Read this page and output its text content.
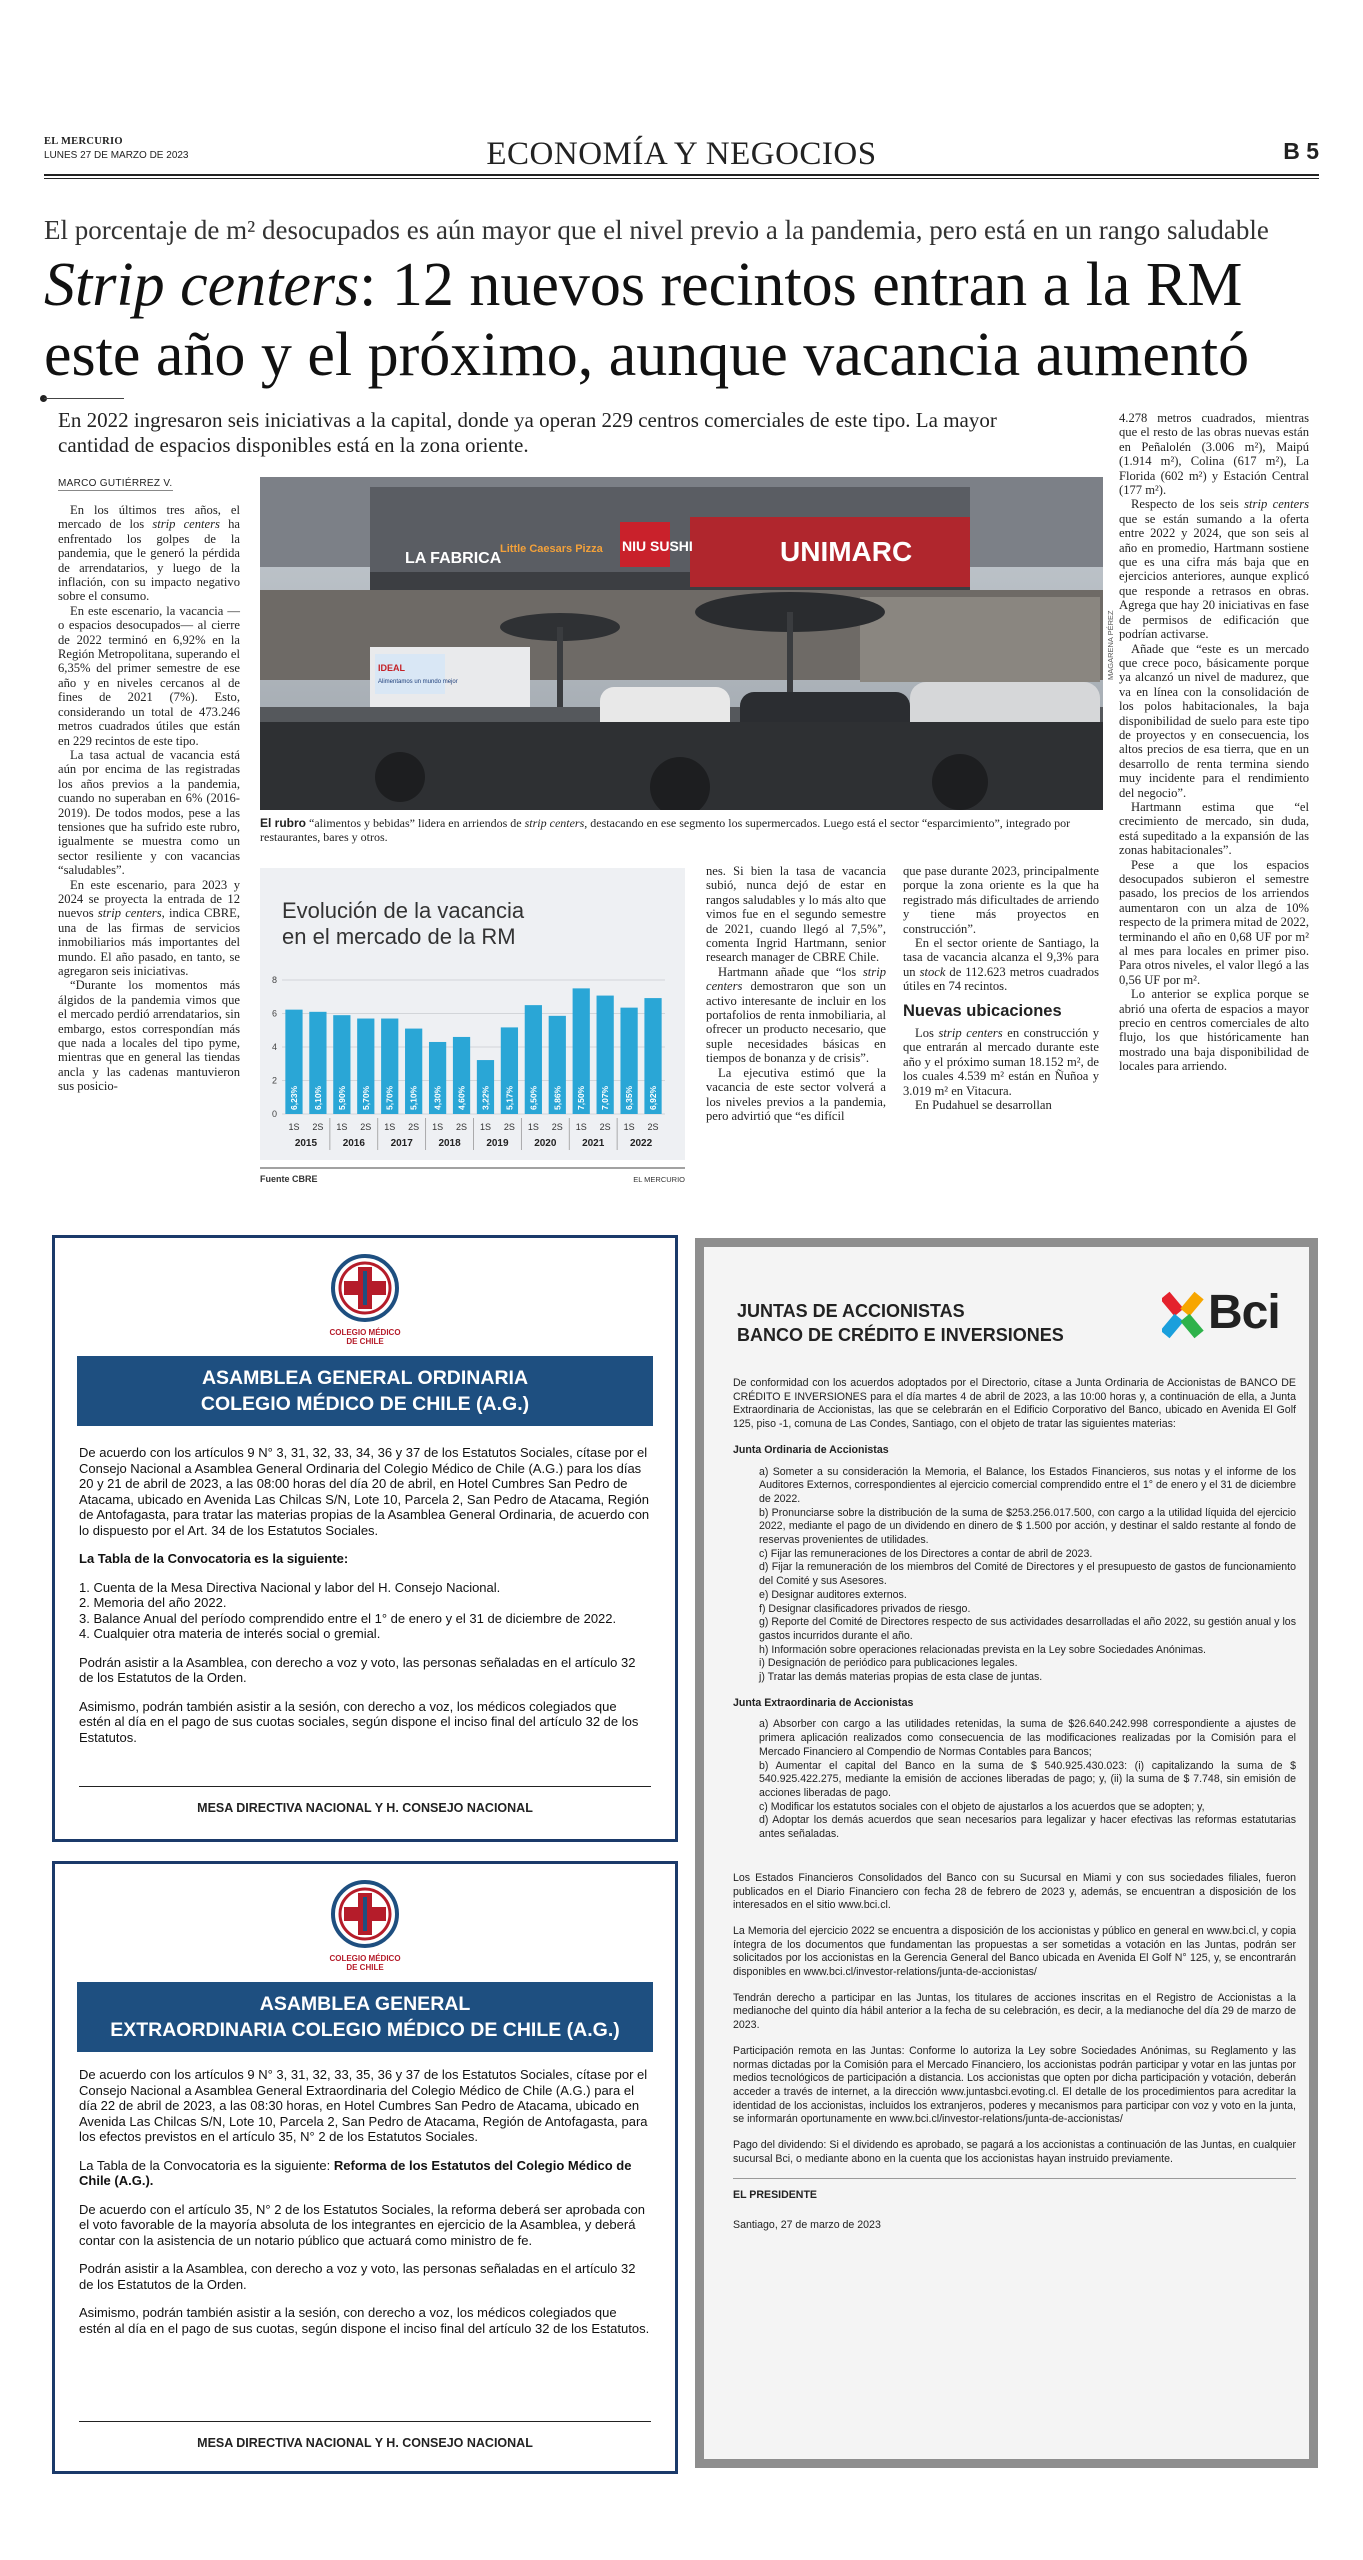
EL MERCURIO
LUNES 27 DE MARZO DE 2023	ECONOMÍA Y NEGOCIOS	B 5
El porcentaje de m² desocupados es aún mayor que el nivel previo a la pandemia, pero está en un rango saludable
Strip centers: 12 nuevos recintos entran a la RM este año y el próximo, aunque vacancia aumentó
En 2022 ingresaron seis iniciativas a la capital, donde ya operan 229 centros comerciales de este tipo. La mayor cantidad de espacios disponibles está en la zona oriente.
MARCO GUTIÉRREZ V.

En los últimos tres años, el mercado de los strip centers ha enfrentado los golpes de la pandemia, que le generó la pérdida de arrendatarios, y luego de la inflación, con su impacto negativo sobre el consumo.

En este escenario, la vacancia —o espacios desocupados— al cierre de 2022 terminó en 6,92% en la Región Metropolitana, superando el 6,35% del primer semestre de ese año y en niveles cercanos al de fines de 2021 (7%). Esto, considerando un total de 473.246 metros cuadrados útiles que están en 229 recintos de este tipo.

La tasa actual de vacancia está aún por encima de las registradas los años previos a la pandemia, cuando no superaban en 6% (2016-2019). De todos modos, pese a las tensiones que ha sufrido este rubro, igualmente se muestra como un sector resiliente y con vacancias “saludables”.

En este escenario, para 2023 y 2024 se proyecta la entrada de 12 nuevos strip centers, indica CBRE, una de las firmas de servicios inmobiliarios más importantes del mundo. El año pasado, en tanto, se agregaron seis iniciativas.

“Durante los momentos más álgidos de la pandemia vimos que el mercado perdió arrendatarios, sin embargo, estos correspondían más que nada a locales del tipo pyme, mientras que en general las tiendas ancla y las cadenas mantuvieron sus posicio-

LA FABRICA
Little Caesars Pizza NIU SUSHI	UNIMARC
IDEAL
Alimentamos un mundo mejor
MAGARENA PÉREZ
El rubro “alimentos y bebidas” lidera en arriendos de strip centers, destacando en ese segmento los supermercados. Luego está el sector “esparcimiento”, integrado por restaurantes, bares y otros.
Evolución de la vacancia
en el mercado de la RM
0
2
4
6
8
6,23%
1S
6,10%
2S
5,90%
1S
5,70%
2S
5,70%
1S
5,10%
2S
4,30%
1S
4,60%
2S
3,22%
1S
5,17%
2S
6,50%
1S
5,86%
2S
7,50%
1S
7,07%
2S
6,35%
1S
6,92%
2S
2015	2016	2017	2018	2019	2020	2021	2022
Fuente CBRE	EL MERCURIO

nes. Si bien la tasa de vacancia subió, nunca dejó de estar en rangos saludables y lo más alto que vimos fue en el segundo semestre de 2021, cuando llegó al 7,5%”, comenta Ingrid Hartmann, senior research manager de CBRE Chile.

Hartmann añade que “los strip centers demostraron que son un activo interesante de incluir en los portafolios de renta inmobiliaria, al ofrecer un producto necesario, que suple necesidades básicas en tiempos de bonanza y de crisis”.

La ejecutiva estimó que la vacancia de este sector volverá a los niveles previos a la pandemia, pero advirtió que “es difícil

que pase durante 2023, principalmente porque la zona oriente es la que ha registrado más dificultades de arriendo y tiene más proyectos en construcción”.

En el sector oriente de Santiago, la tasa de vacancia alcanza el 9,3% para un stock de 112.623 metros cuadrados útiles en 74 recintos.

Nuevas ubicaciones

Los strip centers en construcción y que entrarán al mercado durante este año y el próximo suman 18.152 m², de los cuales 4.539 m² están en Ñuñoa y 3.019 m² en Vitacura.

En Pudahuel se desarrollan

4.278 metros cuadrados, mientras que el resto de las obras nuevas están en Peñalolén (3.006 m²), Maipú (1.914 m²), Colina (617 m²), La Florida (602 m²) y Estación Central (177 m²).

Respecto de los seis strip centers que se están sumando a la oferta entre 2022 y 2024, que son seis al año en promedio, Hartmann sostiene que es una cifra más baja que en ejercicios anteriores, aunque explicó que responde a retrasos en obras. Agrega que hay 20 iniciativas en fase de permisos de edificación que podrían activarse.

Añade que “este es un mercado que crece poco, básicamente porque ya alcanzó un nivel de madurez, que va en línea con la consolidación de los polos habitacionales, la baja disponibilidad de suelo para este tipo de proyectos y en consecuencia, los altos precios de esa tierra, que en un desarrollo de renta termina siendo muy incidente para el rendimiento del negocio”.

Hartmann estima que “el crecimiento de mercado, sin duda, está supeditado a la expansión de las zonas habitacionales”.

Pese a que los espacios desocupados subieron el semestre pasado, los precios de los arriendos aumentaron con un alza de 10% respecto de la primera mitad de 2022, terminando el año en 0,68 UF por m² al mes para locales en primer piso. Para otros niveles, el valor llegó a las 0,56 UF por m².

Lo anterior se explica porque se abrió una oferta de espacios a mayor precio en centros comerciales de alto flujo, los que históricamente han mostrado una baja disponibilidad de locales para arriendo.

COLEGIO MÉDICO DE CHILE
ASAMBLEA GENERAL ORDINARIA
COLEGIO MÉDICO DE CHILE (A.G.)

De acuerdo con los artículos 9 N° 3, 31, 32, 33, 34, 36 y 37 de los Estatutos Sociales, cítase por el Consejo Nacional a Asamblea General Ordinaria del Colegio Médico de Chile (A.G.) para los días 20 y 21 de abril de 2023, a las 08:00 horas del día 20 de abril, en Hotel Cumbres San Pedro de Atacama, ubicado en Avenida Las Chilcas S/N, Lote 10, Parcela 2, San Pedro de Atacama, Región de Antofagasta, para tratar las materias propias de la Asamblea General Ordinaria, de acuerdo con lo dispuesto por el Art. 34 de los Estatutos Sociales.

La Tabla de la Convocatoria es la siguiente:

1. Cuenta de la Mesa Directiva Nacional y labor del H. Consejo Nacional.
2. Memoria del año 2022.
3. Balance Anual del período comprendido entre el 1° de enero y el 31 de diciembre de 2022.
4. Cualquier otra materia de interés social o gremial.

Podrán asistir a la Asamblea, con derecho a voz y voto, las personas señaladas en el artículo 32 de los Estatutos de la Orden.

Asimismo, podrán también asistir a la sesión, con derecho a voz, los médicos colegiados que estén al día en el pago de sus cuotas sociales, según dispone el inciso final del artículo 32 de los Estatutos.

MESA DIRECTIVA NACIONAL Y H. CONSEJO NACIONAL
COLEGIO MÉDICO DE CHILE
ASAMBLEA GENERAL
EXTRAORDINARIA COLEGIO MÉDICO DE CHILE (A.G.)

De acuerdo con los artículos 9 N° 3, 31, 32, 33, 35, 36 y 37 de los Estatutos Sociales, cítase por el Consejo Nacional a Asamblea General Extraordinaria del Colegio Médico de Chile (A.G.) para el día 22 de abril de 2023, a las 08:30 horas, en Hotel Cumbres San Pedro de Atacama, ubicado en Avenida Las Chilcas S/N, Lote 10, Parcela 2, San Pedro de Atacama, Región de Antofagasta, para los efectos previstos en el artículo 35, N° 2 de los Estatutos Sociales.

La Tabla de la Convocatoria es la siguiente: Reforma de los Estatutos del Colegio Médico de Chile (A.G.).

De acuerdo con el artículo 35, N° 2 de los Estatutos Sociales, la reforma deberá ser aprobada con el voto favorable de la mayoría absoluta de los integrantes en ejercicio de la Asamblea, y deberá contar con la asistencia de un notario público que actuará como ministro de fe.

Podrán asistir a la Asamblea, con derecho a voz y voto, las personas señaladas en el artículo 32 de los Estatutos de la Orden.

Asimismo, podrán también asistir a la sesión, con derecho a voz, los médicos colegiados que estén al día en el pago de sus cuotas, según dispone el inciso final del artículo 32 de los Estatutos.

MESA DIRECTIVA NACIONAL Y H. CONSEJO NACIONAL
JUNTAS DE ACCIONISTAS
BANCO DE CRÉDITO E INVERSIONES	Bci

De conformidad con los acuerdos adoptados por el Directorio, cítase a Junta Ordinaria de Accionistas de BANCO DE CRÉDITO E INVERSIONES para el día martes 4 de abril de 2023, a las 10:00 horas y, a continuación de ella, a Junta Extraordinaria de Accionistas, las que se celebrarán en el Edificio Corporativo del Banco, ubicado en Avenida El Golf 125, piso -1, comuna de Las Condes, Santiago, con el objeto de tratar las siguientes materias:

Junta Ordinaria de Accionistas

a) Someter a su consideración la Memoria, el Balance, los Estados Financieros, sus notas y el informe de los Auditores Externos, correspondientes al ejercicio comercial comprendido entre el 1° de enero y el 31 de diciembre de 2022.
b) Pronunciarse sobre la distribución de la suma de $253.256.017.500, con cargo a la utilidad líquida del ejercicio 2022, mediante el pago de un dividendo en dinero de $ 1.500 por acción, y destinar el saldo restante al fondo de reservas provenientes de utilidades.
c) Fijar las remuneraciones de los Directores a contar de abril de 2023.
d) Fijar la remuneración de los miembros del Comité de Directores y el presupuesto de gastos de funcionamiento del Comité y sus Asesores.
e) Designar auditores externos.
f) Designar clasificadores privados de riesgo.
g) Reporte del Comité de Directores respecto de sus actividades desarrolladas el año 2022, su gestión anual y los gastos incurridos durante el año.
h) Información sobre operaciones relacionadas prevista en la Ley sobre Sociedades Anónimas.
i) Designación de periódico para publicaciones legales.
j) Tratar las demás materias propias de esta clase de juntas.

Junta Extraordinaria de Accionistas

a) Absorber con cargo a las utilidades retenidas, la suma de $26.640.242.998 correspondiente a ajustes de primera aplicación realizados como consecuencia de las modificaciones realizadas por la Comisión para el Mercado Financiero al Compendio de Normas Contables para Bancos;
b) Aumentar el capital del Banco en la suma de $ 540.925.430.023: (i) capitalizando la suma de $ 540.925.422.275, mediante la emisión de acciones liberadas de pago; y, (ii) la suma de $ 7.748, sin emisión de acciones liberadas de pago.
c) Modificar los estatutos sociales con el objeto de ajustarlos a los acuerdos que se adopten; y,
d) Adoptar los demás acuerdos que sean necesarios para legalizar y hacer efectivas las reformas estatutarias antes señaladas.

Los Estados Financieros Consolidados del Banco con su Sucursal en Miami y con sus sociedades filiales, fueron publicados en el Diario Financiero con fecha 28 de febrero de 2023 y, además, se encuentran a disposición de los interesados en el sitio www.bci.cl.

La Memoria del ejercicio 2022 se encuentra a disposición de los accionistas y público en general en www.bci.cl, y copia íntegra de los documentos que fundamentan las propuestas a ser sometidas a votación en las Juntas, podrán ser solicitados por los accionistas en la Gerencia General del Banco ubicada en Avenida El Golf N° 125, y, se encontrarán disponibles en www.bci.cl/investor-relations/junta-de-accionistas/

Tendrán derecho a participar en las Juntas, los titulares de acciones inscritas en el Registro de Accionistas a la medianoche del quinto día hábil anterior a la fecha de su celebración, es decir, a la medianoche del día 29 de marzo de 2023.

Participación remota en las Juntas: Conforme lo autoriza la Ley sobre Sociedades Anónimas, su Reglamento y las normas dictadas por la Comisión para el Mercado Financiero, los accionistas podrán participar y votar en las juntas por medios tecnológicos de participación a distancia. Los accionistas que opten por dicha participación y votación, deberán acceder a través de internet, a la dirección www.juntasbci.evoting.cl. El detalle de los procedimientos para acreditar la identidad de los accionistas, incluidos los extranjeros, poderes y mecanismos para participar con voz y voto en la junta, se informarán oportunamente en www.bci.cl/investor-relations/junta-de-accionistas/

Pago del dividendo: Si el dividendo es aprobado, se pagará a los accionistas a continuación de las Juntas, en cualquier sucursal Bci, o mediante abono en la cuenta que los accionistas hayan instruido previamente.

EL PRESIDENTE
Santiago, 27 de marzo de 2023
